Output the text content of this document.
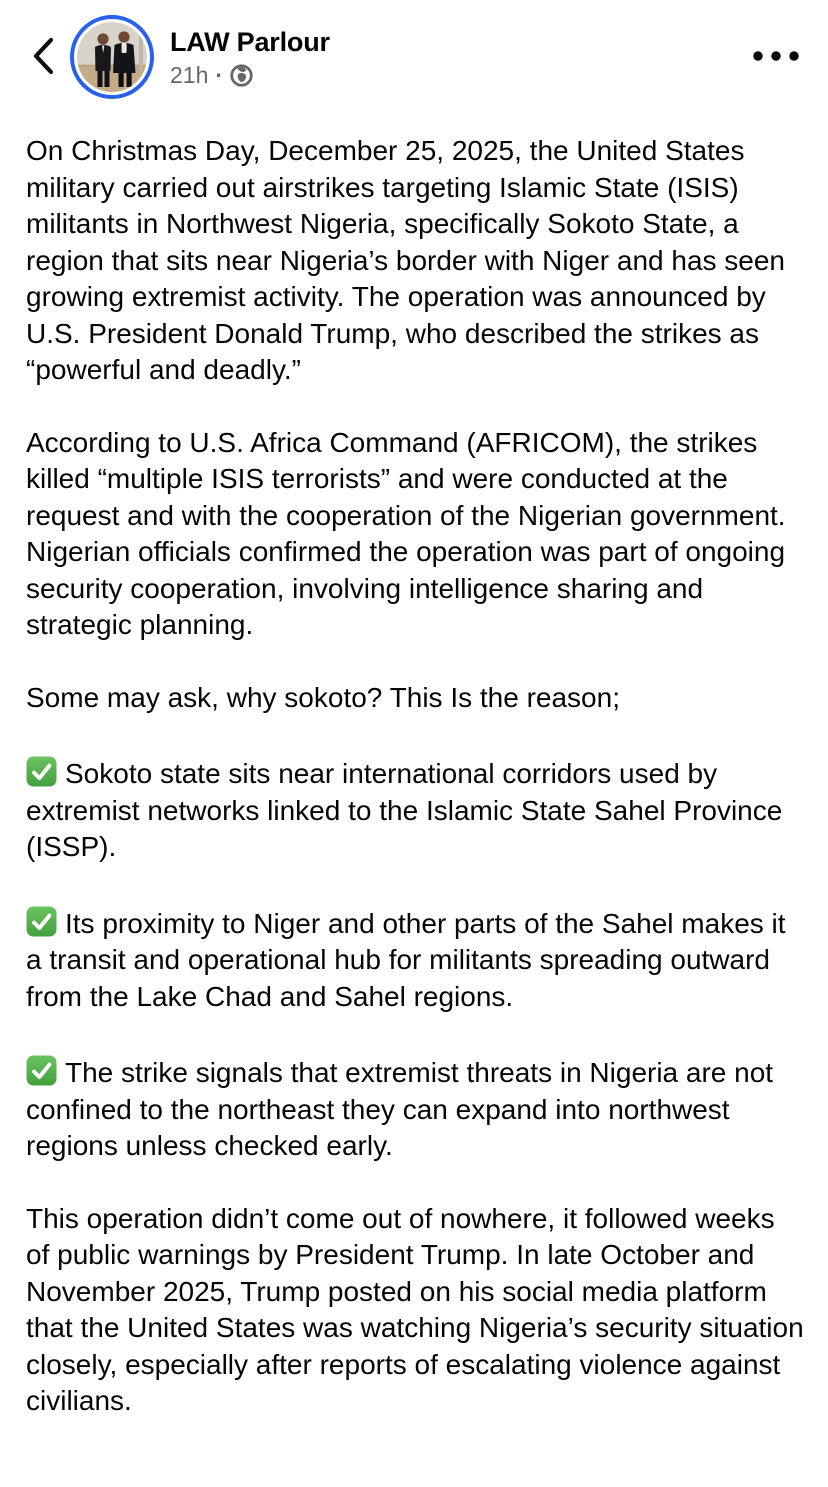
LAW Parlour
21h ·

On Christmas Day, December 25, 2025, the United States military carried out airstrikes targeting Islamic State (ISIS) militants in Northwest Nigeria, specifically Sokoto State, a region that sits near Nigeria’s border with Niger and has seen growing extremist activity. The operation was announced by U.S. President Donald Trump, who described the strikes as “powerful and deadly.”

According to U.S. Africa Command (AFRICOM), the strikes killed “multiple ISIS terrorists” and were conducted at the request and with the cooperation of the Nigerian government. Nigerian officials confirmed the operation was part of ongoing security cooperation, involving intelligence sharing and strategic planning.

Some may ask, why sokoto? This Is the reason;

Sokoto state sits near international corridors used by extremist networks linked to the Islamic State Sahel Province (ISSP).

Its proximity to Niger and other parts of the Sahel makes it a transit and operational hub for militants spreading outward from the Lake Chad and Sahel regions.

The strike signals that extremist threats in Nigeria are not confined to the northeast they can expand into northwest regions unless checked early.

This operation didn’t come out of nowhere, it followed weeks of public warnings by President Trump. In late October and November 2025, Trump posted on his social media platform that the United States was watching Nigeria’s security situation closely, especially after reports of escalating violence against civilians.
